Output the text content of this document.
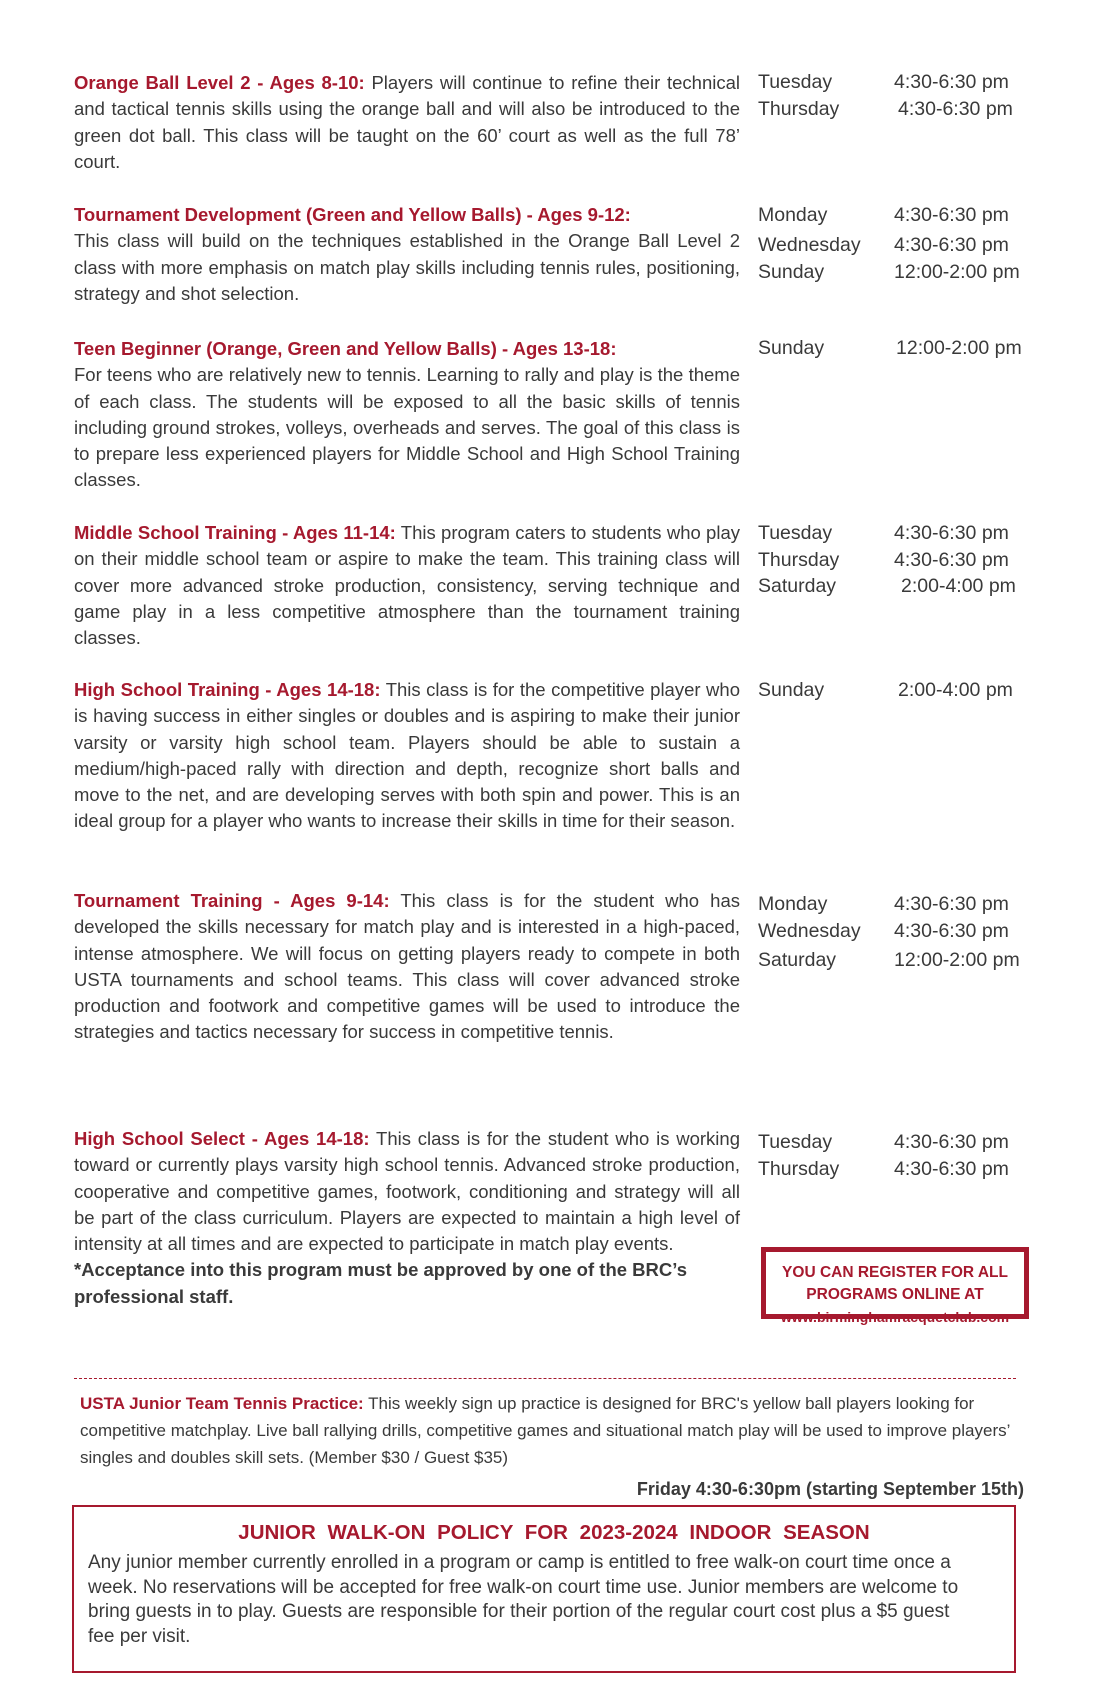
Orange Ball Level 2 - Ages 8-10: Players will continue to refine their technical and tactical tennis skills using the orange ball and will also be introduced to the green dot ball. This class will be taught on the 60’ court as well as the full 78’ court.
Tuesday	4:30-6:30 pm
Thursday	4:30-6:30 pm
Tournament Development (Green and Yellow Balls) - Ages 9-12:
This class will build on the techniques established in the Orange Ball Level 2 class with more emphasis on match play skills including tennis rules, positioning, strategy and shot selection.
Monday	4:30-6:30 pm
Wednesday 4:30-6:30 pm
Sunday	12:00-2:00 pm
Teen Beginner (Orange, Green and Yellow Balls) - Ages 13-18:
For teens who are relatively new to tennis. Learning to rally and play is the theme of each class. The students will be exposed to all the basic skills of tennis including ground strokes, volleys, overheads and serves. The goal of this class is to prepare less experienced players for Middle School and High School Training classes.
Sunday	12:00-2:00 pm
Middle School Training - Ages 11-14: This program caters to students who play on their middle school team or aspire to make the team. This training class will cover more advanced stroke production, consistency, serving technique and game play in a less competitive atmosphere than the tournament training classes.
Tuesday	4:30-6:30 pm
Thursday	4:30-6:30 pm
Saturday	2:00-4:00 pm
High School Training - Ages 14-18: This class is for the competitive player who is having success in either singles or doubles and is aspiring to make their junior varsity or varsity high school team. Players should be able to sustain a medium/high-paced rally with direction and depth, recognize short balls and move to the net, and are developing serves with both spin and power. This is an ideal group for a player who wants to increase their skills in time for their season.
Sunday	2:00-4:00 pm
Tournament Training - Ages 9-14: This class is for the student who has developed the skills necessary for match play and is interested in a high-paced, intense atmosphere. We will focus on getting players ready to compete in both USTA tournaments and school teams. This class will cover advanced stroke production and footwork and competitive games will be used to introduce the strategies and tactics necessary for success in competitive tennis.
Monday	4:30-6:30 pm
Wednesday 4:30-6:30 pm
Saturday	12:00-2:00 pm
High School Select - Ages 14-18: This class is for the student who is working toward or currently plays varsity high school tennis. Advanced stroke production, cooperative and competitive games, footwork, conditioning and strategy will all be part of the class curriculum. Players are expected to maintain a high level of intensity at all times and are expected to participate in match play events.
*Acceptance into this program must be approved by one of the BRC’s professional staff.
Tuesday	4:30-6:30 pm
Thursday	4:30-6:30 pm
YOU CAN REGISTER FOR ALL
PROGRAMS ONLINE AT
www.birminghamracquetclub.com
USTA Junior Team Tennis Practice: This weekly sign up practice is designed for BRC's yellow ball players looking for competitive matchplay. Live ball rallying drills, competitive games and situational match play will be used to improve players’ singles and doubles skill sets. (Member $30 / Guest $35)
Friday 4:30-6:30pm (starting September 15th)
JUNIOR WALK-ON POLICY FOR 2023-2024 INDOOR SEASON
Any junior member currently enrolled in a program or camp is entitled to free walk-on court time once a week. No reservations will be accepted for free walk-on court time use. Junior members are welcome to bring guests in to play. Guests are responsible for their portion of the regular court cost plus a $5 guest fee per visit.
